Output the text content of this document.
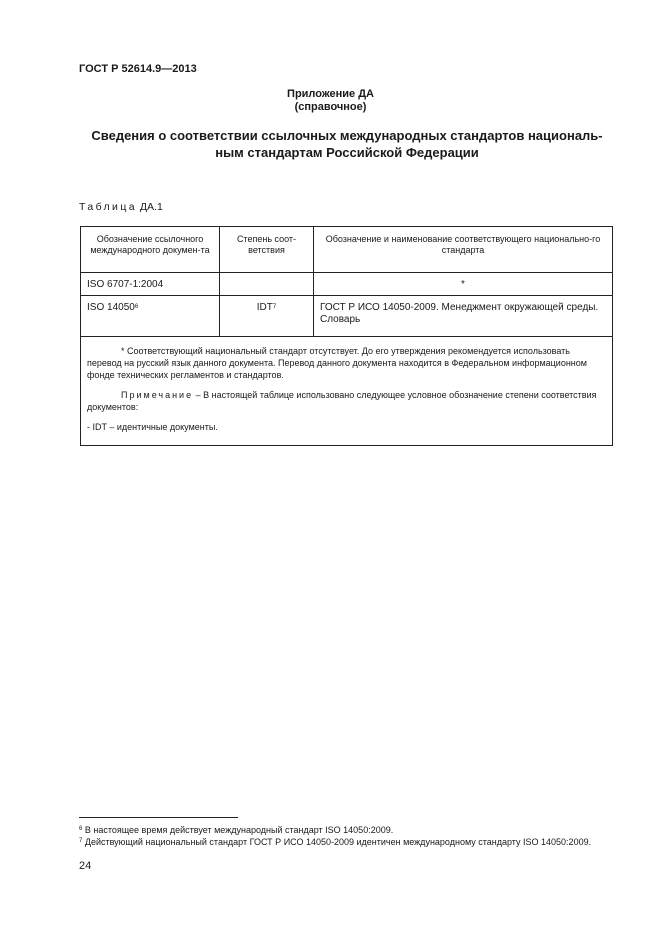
ГОСТ Р 52614.9—2013
Приложение ДА
(справочное)
Сведения о соответствии ссылочных международных стандартов националь-
ным стандартам Российской Федерации
Таблица ДА.1
Обозначение ссылочного международного докумен-та	Степень соот-ветствия	Обозначение и наименование соответствующего национально-го стандарта
ISO 6707-1:2004		*
ISO 14050$^6$	IDT$^7$	ГОСТ Р ИСО 14050-2009. Менеджмент окружающей среды. Словарь

* Соответствующий национальный стандарт отсутствует. До его утверждения рекомендуется использовать перевод на русский язык данного документа. Перевод данного документа находится в Федеральном информационном фонде технических регламентов и стандартов.

Примечание – В настоящей таблице использовано следующее условное обозначение степени соответствия документов:

- IDT – идентичные документы.		

$^6$ В настоящее время действует международный стандарт ISO 14050:2009.

$^7$ Действующий национальный стандарт ГОСТ Р ИСО 14050-2009 идентичен международному стандарту ISO 14050:2009.

24
